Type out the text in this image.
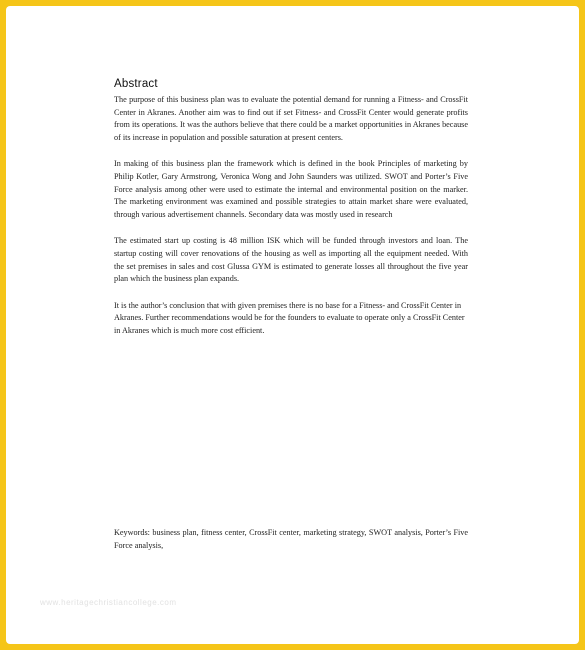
Abstract

The purpose of this business plan was to evaluate the potential demand for running a Fitness- and CrossFit Center in Akranes. Another aim was to find out if set Fitness- and CrossFit Center would generate profits from its operations. It was the authors believe that there could be a market opportunities in Akranes because of its increase in population and possible saturation at present centers.

In making of this business plan the framework which is defined in the book Principles of marketing by Philip Kotler, Gary Armstrong, Veronica Wong and John Saunders was utilized. SWOT and Porter’s Five Force analysis among other were used to estimate the internal and environmental position on the marker. The marketing environment was examined and possible strategies to attain market share were evaluated, through various advertisement channels. Secondary data was mostly used in research

The estimated start up costing is 48 million ISK which will be funded through investors and loan. The startup costing will cover renovations of the housing as well as importing all the equipment needed. With the set premises in sales and cost Glussa GYM is estimated to generate losses all throughout the five year plan which the business plan expands.

It is the author’s conclusion that with given premises there is no base for a Fitness- and CrossFit Center in Akranes. Further recommendations would be for the founders to evaluate to operate only a CrossFit Center in Akranes which is much more cost efficient.

Keywords: business plan, fitness center, CrossFit center, marketing strategy, SWOT analysis, Porter’s Five Force analysis,
www.heritagechristiancollege.com
